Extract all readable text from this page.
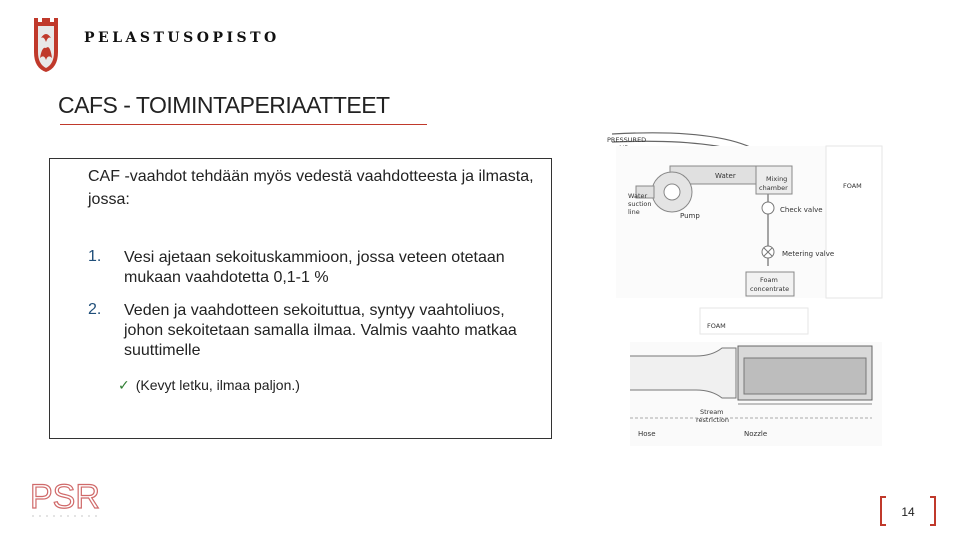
PELASTUSOPISTO
CAFS - TOIMINTAPERIAATTEET
CAF -vaahdot tehdään myös vedestä vaahdotteesta ja ilmasta, jossa:
1. Vesi ajetaan sekoituskammioon, jossa veteen otetaan mukaan vaahdotetta 0,1-1 %
2. Veden ja vaahdotteen sekoituttua, syntyy vaahtoliuos, johon sekoitetaan samalla ilmaa. Valmis vaahto matkaa suuttimelle
✓ (Kevyt letku, ilmaa paljon.)
PRESSURED
Water
Pump
Water
suction
line
Mixing
chamber	FOAM
Check valve
Metering valve
Foam
concentrate
FOAM
Stream
restriction
Hose	Nozzle
PSR	14
